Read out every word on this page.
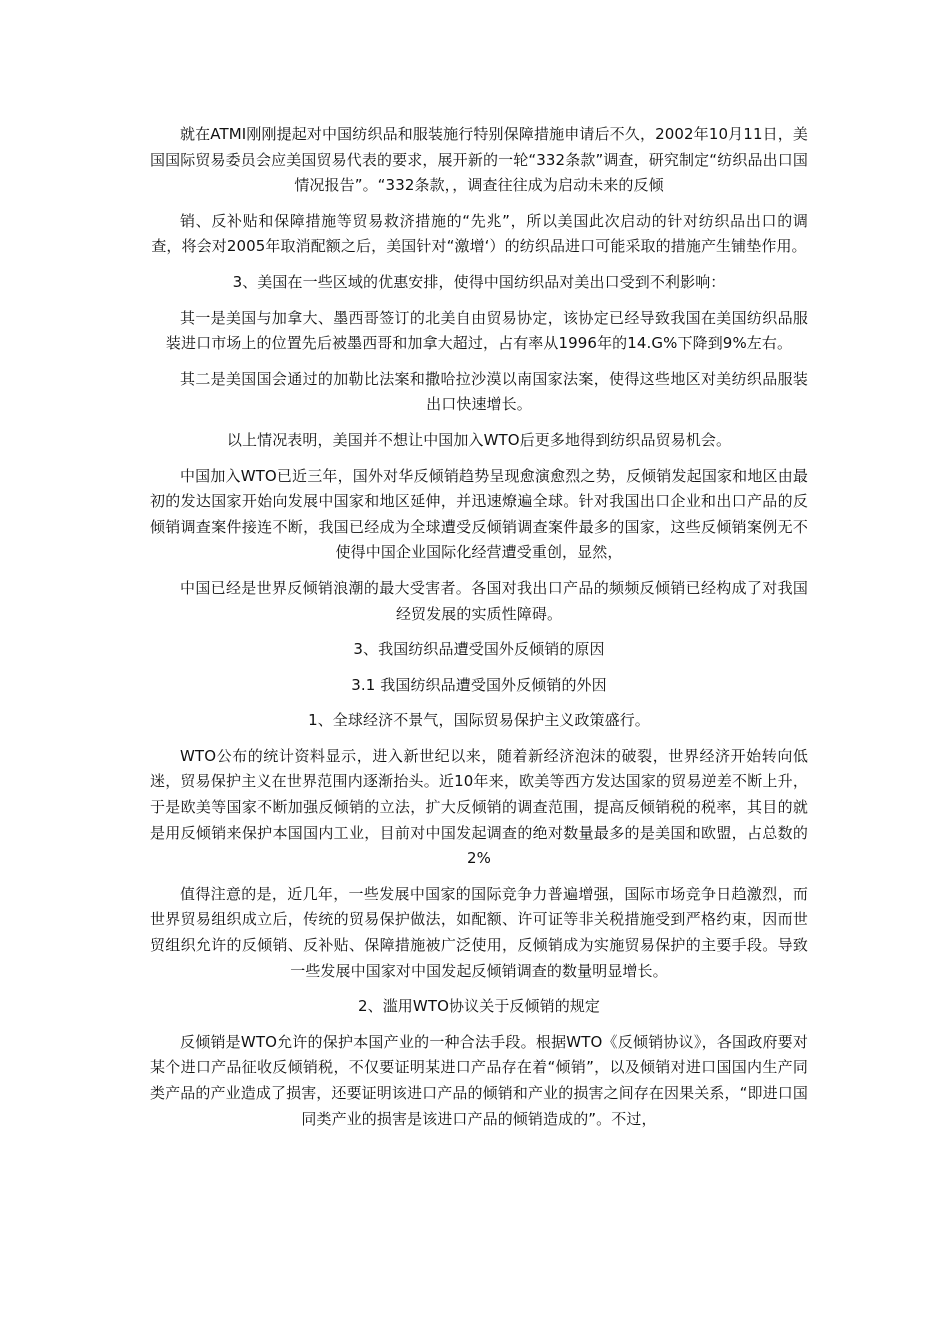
就在ATMI刚刚提起对中国纺织品和服装施行特别保障措施申请后不久，2002年10月11日，美国国际贸易委员会应美国贸易代表的要求，展开新的一轮“332条款”调查，研究制定“纺织品出口国情况报告”。“332条款，，调查往往成为启动未来的反倾

销、反补贴和保障措施等贸易救济措施的“先兆”，所以美国此次启动的针对纺织品出口的调查，将会对2005年取消配额之后，美国针对“激增‘）的纺织品进口可能采取的措施产生铺垫作用。

3、美国在一些区域的优惠安排，使得中国纺织品对美出口受到不利影响：

其一是美国与加拿大、墨西哥签订的北美自由贸易协定，该协定已经导致我国在美国纺织品服装进口市场上的位置先后被墨西哥和加拿大超过，占有率从1996年的14.G%下降到9%左右。

其二是美国国会通过的加勒比法案和撒哈拉沙漠以南国家法案，使得这些地区对美纺织品服装出口快速增长。

以上情况表明，美国并不想让中国加入WTO后更多地得到纺织品贸易机会。

中国加入WTO已近三年，国外对华反倾销趋势呈现愈演愈烈之势，反倾销发起国家和地区由最初的发达国家开始向发展中国家和地区延伸，并迅速燎遍全球。针对我国出口企业和出口产品的反倾销调查案件接连不断，我国已经成为全球遭受反倾销调查案件最多的国家，这些反倾销案例无不使得中国企业国际化经营遭受重创，显然，

中国已经是世界反倾销浪潮的最大受害者。各国对我出口产品的频频反倾销已经构成了对我国经贸发展的实质性障碍。

3、我国纺织品遭受国外反倾销的原因

3.1 我国纺织品遭受国外反倾销的外因

1、全球经济不景气，国际贸易保护主义政策盛行。

WTO公布的统计资料显示，进入新世纪以来，随着新经济泡沫的破裂，世界经济开始转向低迷，贸易保护主义在世界范围内逐渐抬头。近10年来，欧美等西方发达国家的贸易逆差不断上升，于是欧美等国家不断加强反倾销的立法，扩大反倾销的调查范围，提高反倾销税的税率，其目的就是用反倾销来保护本国国内工业，目前对中国发起调查的绝对数量最多的是美国和欧盟，占总数的2%

值得注意的是，近几年，一些发展中国家的国际竞争力普遍增强，国际市场竞争日趋激烈，而世界贸易组织成立后，传统的贸易保护做法，如配额、许可证等非关税措施受到严格约束，因而世贸组织允许的反倾销、反补贴、保障措施被广泛使用，反倾销成为实施贸易保护的主要手段。导致一些发展中国家对中国发起反倾销调查的数量明显增长。

2、滥用WTO协议关于反倾销的规定

反倾销是WTO允许的保护本国产业的一种合法手段。根据WTO《反倾销协议》，各国政府要对某个进口产品征收反倾销税，不仅要证明某进口产品存在着“倾销”，以及倾销对进口国国内生产同类产品的产业造成了损害，还要证明该进口产品的倾销和产业的损害之间存在因果关系，“即进口国同类产业的损害是该进口产品的倾销造成的”。不过，
